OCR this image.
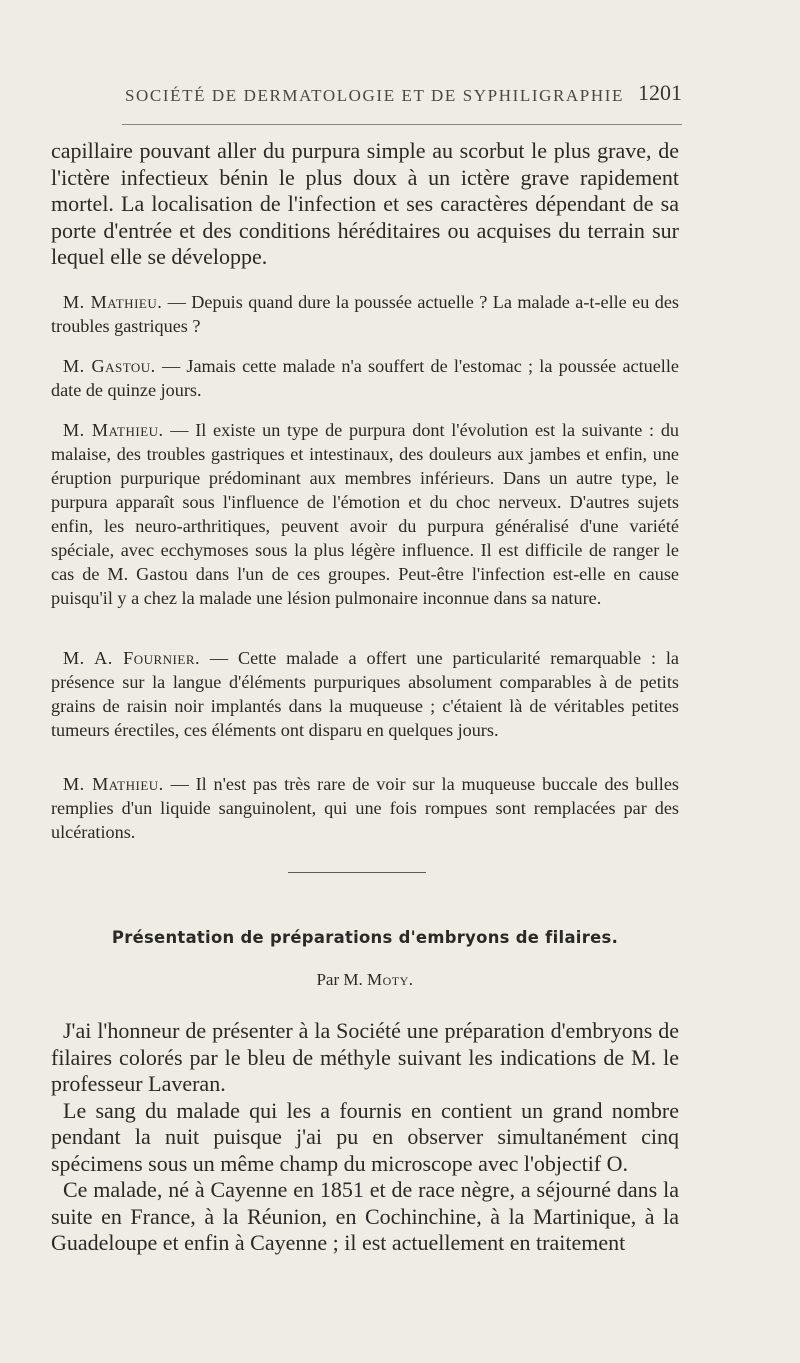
SOCIÉTÉ DE DERMATOLOGIE ET DE SYPHILIGRAPHIE 1201

capillaire pouvant aller du purpura simple au scorbut le plus grave, de l'ictère infectieux bénin le plus doux à un ictère grave rapidement mortel. La localisation de l'infection et ses caractères dépendant de sa porte d'entrée et des conditions héréditaires ou acquises du terrain sur lequel elle se développe.

M. Mathieu. — Depuis quand dure la poussée actuelle ? La malade a-t-elle eu des troubles gastriques ?

M. Gastou. — Jamais cette malade n'a souffert de l'estomac ; la poussée actuelle date de quinze jours.

M. Mathieu. — Il existe un type de purpura dont l'évolution est la suivante : du malaise, des troubles gastriques et intestinaux, des douleurs aux jambes et enfin, une éruption purpurique prédominant aux membres inférieurs. Dans un autre type, le purpura apparaît sous l'influence de l'émotion et du choc nerveux. D'autres sujets enfin, les neuro-arthritiques, peuvent avoir du purpura généralisé d'une variété spéciale, avec ecchymoses sous la plus légère influence. Il est difficile de ranger le cas de M. Gastou dans l'un de ces groupes. Peut-être l'infection est-elle en cause puisqu'il y a chez la malade une lésion pulmonaire inconnue dans sa nature.

M. A. Fournier. — Cette malade a offert une particularité remarquable : la présence sur la langue d'éléments purpuriques absolument comparables à de petits grains de raisin noir implantés dans la muqueuse ; c'étaient là de véritables petites tumeurs érectiles, ces éléments ont disparu en quelques jours.

M. Mathieu. — Il n'est pas très rare de voir sur la muqueuse buccale des bulles remplies d'un liquide sanguinolent, qui une fois rompues sont remplacées par des ulcérations.

Présentation de préparations d'embryons de filaires.
Par M. Moty.

J'ai l'honneur de présenter à la Société une préparation d'embryons de filaires colorés par le bleu de méthyle suivant les indications de M. le professeur Laveran.

Le sang du malade qui les a fournis en contient un grand nombre pendant la nuit puisque j'ai pu en observer simultanément cinq spécimens sous un même champ du microscope avec l'objectif O.

Ce malade, né à Cayenne en 1851 et de race nègre, a séjourné dans la suite en France, à la Réunion, en Cochinchine, à la Martinique, à la Guadeloupe et enfin à Cayenne ; il est actuellement en traitement
